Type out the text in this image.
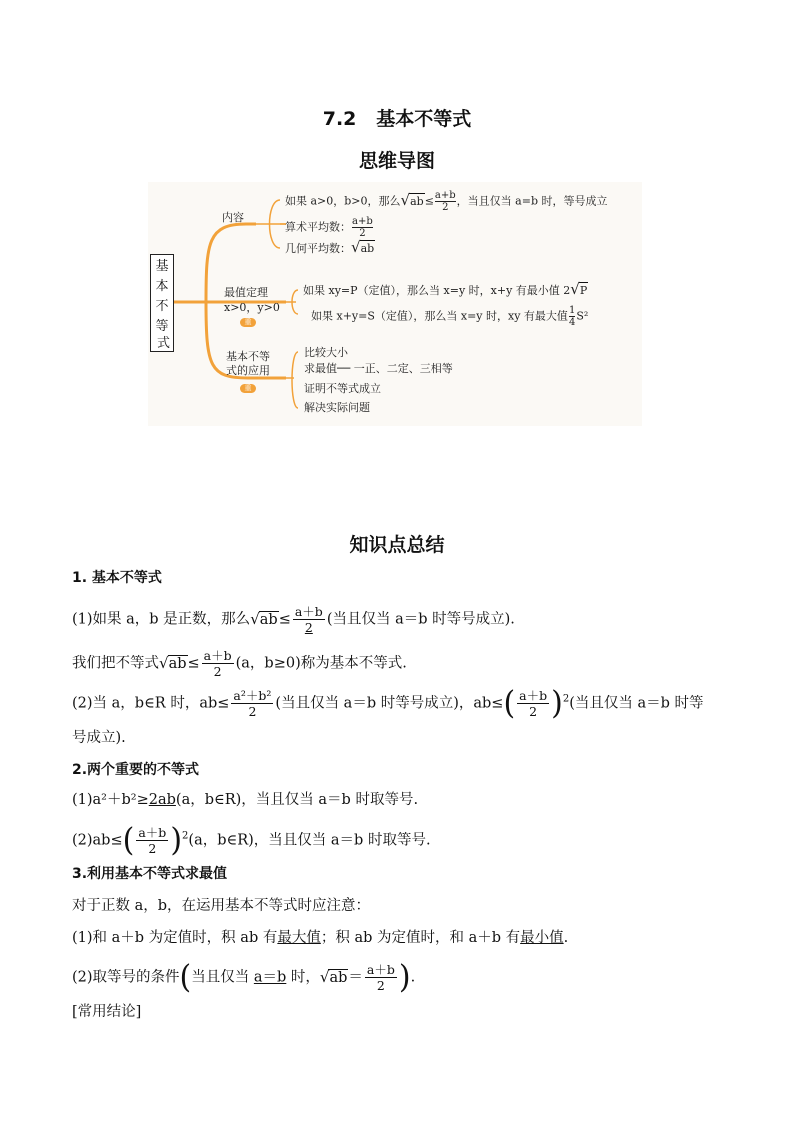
7.2 基本不等式
思维导图
基
本
不
等
式
内容
如果 a>0，b>0，那么$√ab\le \frac{a+b}{2}$ ，当且仅当 a=b 时，等号成立
算术平均数： $\frac{a+b}{2}$
几何平均数：√ab
最值定理
x>0，y>0
重
如果 xy=P（定值），那么当 x=y 时，x+y 有最小值 2√P
如果 x+y=S（定值），那么当 x=y 时，xy 有最大值 $\frac{1}{4} S^2$
基本不等
式的应用
重
比较大小
求最值── 一正、二定、三相等
证明不等式成立
解决实际问题
知识点总结
1. 基本不等式
(1)如果 a，b 是正数，那么$√ab\le \frac{a+b}{2}$ (当且仅当 a＝b 时等号成立).
我们把不等式$√ab\le \frac{a+b}{2} (a$，b≥0)称为基本不等式.
(2)当 a，b∈R 时，$ab\le \frac{\text{a²＋b²}}{2}$ (当且仅当 a＝b 时等号成立)，$ab\le( \frac{a+b}{2} )^2$(当且仅当 a＝b 时等
号成立).
2.两个重要的不等式
(1)a²＋b²≥2ab(a，b∈R)，当且仅当 a＝b 时取等号.
$(2)ab\le( \frac{a+b}{2} )^2(a$，b∈R)，当且仅当 a＝b 时取等号.
3.利用基本不等式求最值
对于正数 a，b，在运用基本不等式时应注意：
(1)和 a＋b 为定值时，积 ab 有最大值；积 ab 为定值时，和 a＋b 有最小值.
(2)取等号的条件(当且仅当 a＝b 时，$√ab= \frac{a+b}{2}$ ).
[常用结论]
